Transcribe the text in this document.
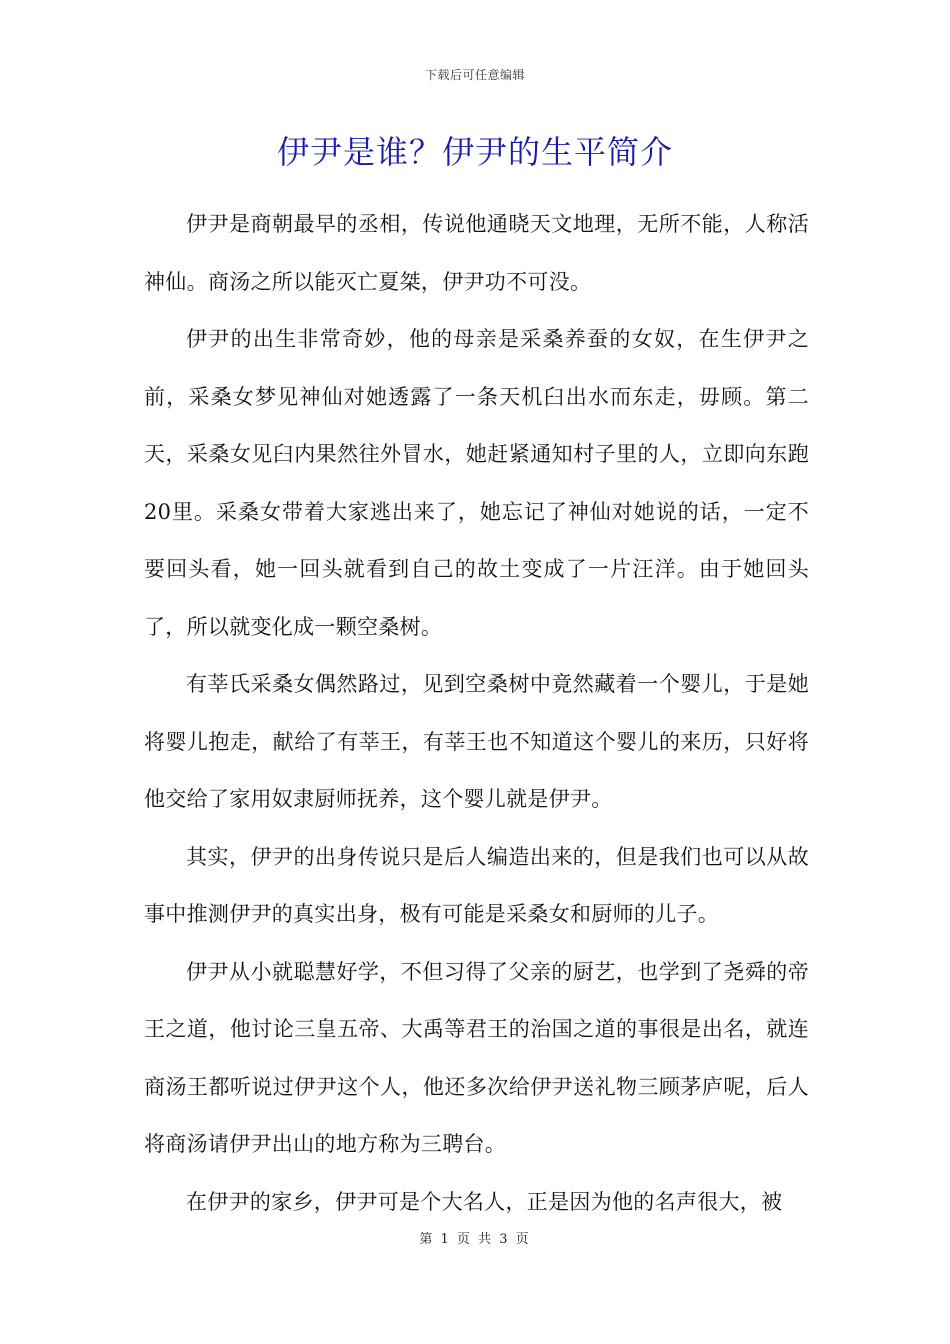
下载后可任意编辑
伊尹是谁？伊尹的生平简介

伊尹是商朝最早的丞相，传说他通晓天文地理，无所不能，人称活神仙。商汤之所以能灭亡夏桀，伊尹功不可没。

伊尹的出生非常奇妙，他的母亲是采桑养蚕的女奴，在生伊尹之前，采桑女梦见神仙对她透露了一条天机臼出水而东走，毋顾。第二天，采桑女见臼内果然往外冒水，她赶紧通知村子里的人，立即向东跑20里。采桑女带着大家逃出来了，她忘记了神仙对她说的话，一定不要回头看，她一回头就看到自己的故土变成了一片汪洋。由于她回头了，所以就变化成一颗空桑树。

有莘氏采桑女偶然路过，见到空桑树中竟然藏着一个婴儿，于是她将婴儿抱走，献给了有莘王，有莘王也不知道这个婴儿的来历，只好将他交给了家用奴隶厨师抚养，这个婴儿就是伊尹。

其实，伊尹的出身传说只是后人编造出来的，但是我们也可以从故事中推测伊尹的真实出身，极有可能是采桑女和厨师的儿子。

伊尹从小就聪慧好学，不但习得了父亲的厨艺，也学到了尧舜的帝王之道，他讨论三皇五帝、大禹等君王的治国之道的事很是出名，就连商汤王都听说过伊尹这个人，他还多次给伊尹送礼物三顾茅庐呢，后人将商汤请伊尹出山的地方称为三聘台。

在伊尹的家乡，伊尹可是个大名人，正是因为他的名声很大，被

第 1 页 共 3 页
